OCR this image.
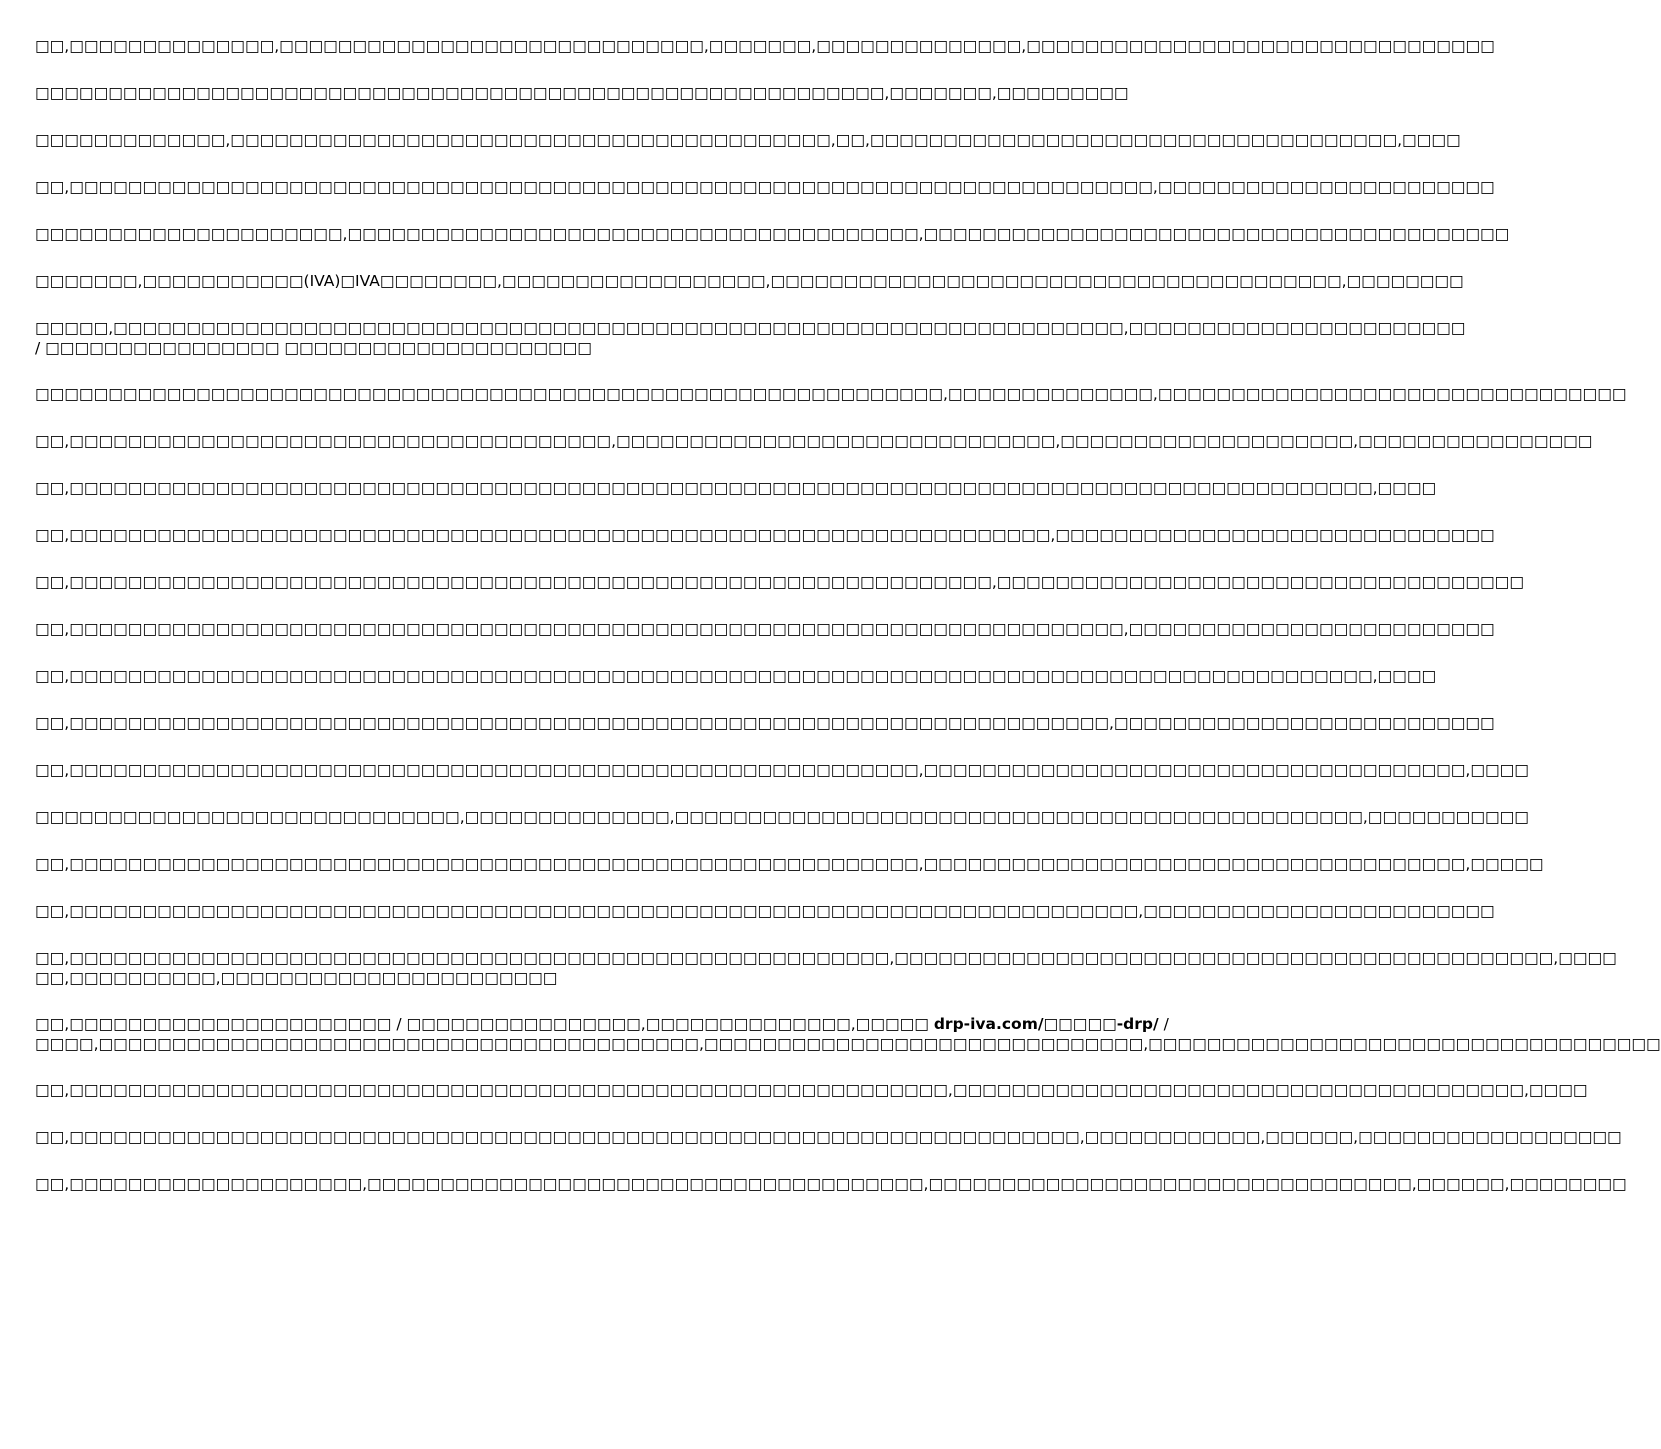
□□,□□□□□□□□□□□□□□,□□□□□□□□□□□□□□□□□□□□□□□□□□□□□,□□□□□□□,□□□□□□□□□□□□□□,□□□□□□□□□□□□□□□□□□□□□□□□□□□□□□□□
□□□□□□□□□□□□□□□□□□□□□□□□□□□□□□□□□□□□□□□□□□□□□□□□□□□□□□□□□□,□□□□□□□,□□□□□□□□□
□□□□□□□□□□□□□,□□□□□□□□□□□□□□□□□□□□□□□□□□□□□□□□□□□□□□□□□,□□,□□□□□□□□□□□□□□□□□□□□□□□□□□□□□□□□□□□□,□□□□
□□,□□□□□□□□□□□□□□□□□□□□□□□□□□□□□□□□□□□□□□□□□□□□□□□□□□□□□□□□□□□□□□□□□□□□□□□□□□,□□□□□□□□□□□□□□□□□□□□□□□
□□□□□□□□□□□□□□□□□□□□□,□□□□□□□□□□□□□□□□□□□□□□□□□□□□□□□□□□□□□□□,□□□□□□□□□□□□□□□□□□□□□□□□□□□□□□□□□□□□□□□□
□□□□□□□,□□□□□□□□□□□(IVA)□IVA□□□□□□□□,□□□□□□□□□□□□□□□□□□,□□□□□□□□□□□□□□□□□□□□□□□□□□□□□□□□□□□□□□□,□□□□□□□□
□□□□□,□□□□□□□□□□□□□□□□□□□□□□□□□□□□□□□□□□□□□□□□□□□□□□□□□□□□□□□□□□□□□□□□□□□□□,□□□□□□□□□□□□□□□□□□□□□□□
/ □□□□□□□□□□□□□□□□ □□□□□□□□□□□□□□□□□□□□□
□□□□□□□□□□□□□□□□□□□□□□□□□□□□□□□□□□□□□□□□□□□□□□□□□□□□□□□□□□□□□□,□□□□□□□□□□□□□□,□□□□□□□□□□□□□□□□□□□□□□□□□□□□□□□□
□□,□□□□□□□□□□□□□□□□□□□□□□□□□□□□□□□□□□□□□,□□□□□□□□□□□□□□□□□□□□□□□□□□□□□□,□□□□□□□□□□□□□□□□□□□□,□□□□□□□□□□□□□□□□
□□,□□□□□□□□□□□□□□□□□□□□□□□□□□□□□□□□□□□□□□□□□□□□□□□□□□□□□□□□□□□□□□□□□□□□□□□□□□□□□□□□□□□□□□□□□,□□□□
□□,□□□□□□□□□□□□□□□□□□□□□□□□□□□□□□□□□□□□□□□□□□□□□□□□□□□□□□□□□□□□□□□□□□□,□□□□□□□□□□□□□□□□□□□□□□□□□□□□□□
□□,□□□□□□□□□□□□□□□□□□□□□□□□□□□□□□□□□□□□□□□□□□□□□□□□□□□□□□□□□□□□□□□,□□□□□□□□□□□□□□□□□□□□□□□□□□□□□□□□□□□□
□□,□□□□□□□□□□□□□□□□□□□□□□□□□□□□□□□□□□□□□□□□□□□□□□□□□□□□□□□□□□□□□□□□□□□□□□□□,□□□□□□□□□□□□□□□□□□□□□□□□□
□□,□□□□□□□□□□□□□□□□□□□□□□□□□□□□□□□□□□□□□□□□□□□□□□□□□□□□□□□□□□□□□□□□□□□□□□□□□□□□□□□□□□□□□□□□□,□□□□
□□,□□□□□□□□□□□□□□□□□□□□□□□□□□□□□□□□□□□□□□□□□□□□□□□□□□□□□□□□□□□□□□□□□□□□□□□,□□□□□□□□□□□□□□□□□□□□□□□□□□
□□,□□□□□□□□□□□□□□□□□□□□□□□□□□□□□□□□□□□□□□□□□□□□□□□□□□□□□□□□□□,□□□□□□□□□□□□□□□□□□□□□□□□□□□□□□□□□□□□□,□□□□
□□□□□□□□□□□□□□□□□□□□□□□□□□□□□,□□□□□□□□□□□□□□,□□□□□□□□□□□□□□□□□□□□□□□□□□□□□□□□□□□□□□□□□□□□□□□,□□□□□□□□□□□
□□,□□□□□□□□□□□□□□□□□□□□□□□□□□□□□□□□□□□□□□□□□□□□□□□□□□□□□□□□□□,□□□□□□□□□□□□□□□□□□□□□□□□□□□□□□□□□□□□□,□□□□□
□□,□□□□□□□□□□□□□□□□□□□□□□□□□□□□□□□□□□□□□□□□□□□□□□□□□□□□□□□□□□□□□□□□□□□□□□□□□,□□□□□□□□□□□□□□□□□□□□□□□□
□□,□□□□□□□□□□□□□□□□□□□□□□□□□□□□□□□□□□□□□□□□□□□□□□□□□□□□□□□□,□□□□□□□□□□□□□□□□□□□□□□□□□□□□□□□□□□□□□□□□□□□□□,□□□□
□□,□□□□□□□□□□,□□□□□□□□□□□□□□□□□□□□□□□
□□,□□□□□□□□□□□□□□□□□□□□□□ / □□□□□□□□□□□□□□□□,□□□□□□□□□□□□□□,□□□□□ drp-iva.com/□□□□□-drp/ /
□□□□,□□□□□□□□□□□□□□□□□□□□□□□□□□□□□□□□□□□□□□□□□,□□□□□□□□□□□□□□□□□□□□□□□□□□□□□□,□□□□□□□□□□□□□□□□□□□□□□□□□□□□□□□□□□□
□□,□□□□□□□□□□□□□□□□□□□□□□□□□□□□□□□□□□□□□□□□□□□□□□□□□□□□□□□□□□□□,□□□□□□□□□□□□□□□□□□□□□□□□□□□□□□□□□□□□□□□,□□□□
□□,□□□□□□□□□□□□□□□□□□□□□□□□□□□□□□□□□□□□□□□□□□□□□□□□□□□□□□□□□□□□□□□□□□□□□,□□□□□□□□□□□□,□□□□□□,□□□□□□□□□□□□□□□□□□
□□,□□□□□□□□□□□□□□□□□□□□,□□□□□□□□□□□□□□□□□□□□□□□□□□□□□□□□□□□□□□,□□□□□□□□□□□□□□□□□□□□□□□□□□□□□□□□□,□□□□□□,□□□□□□□□
